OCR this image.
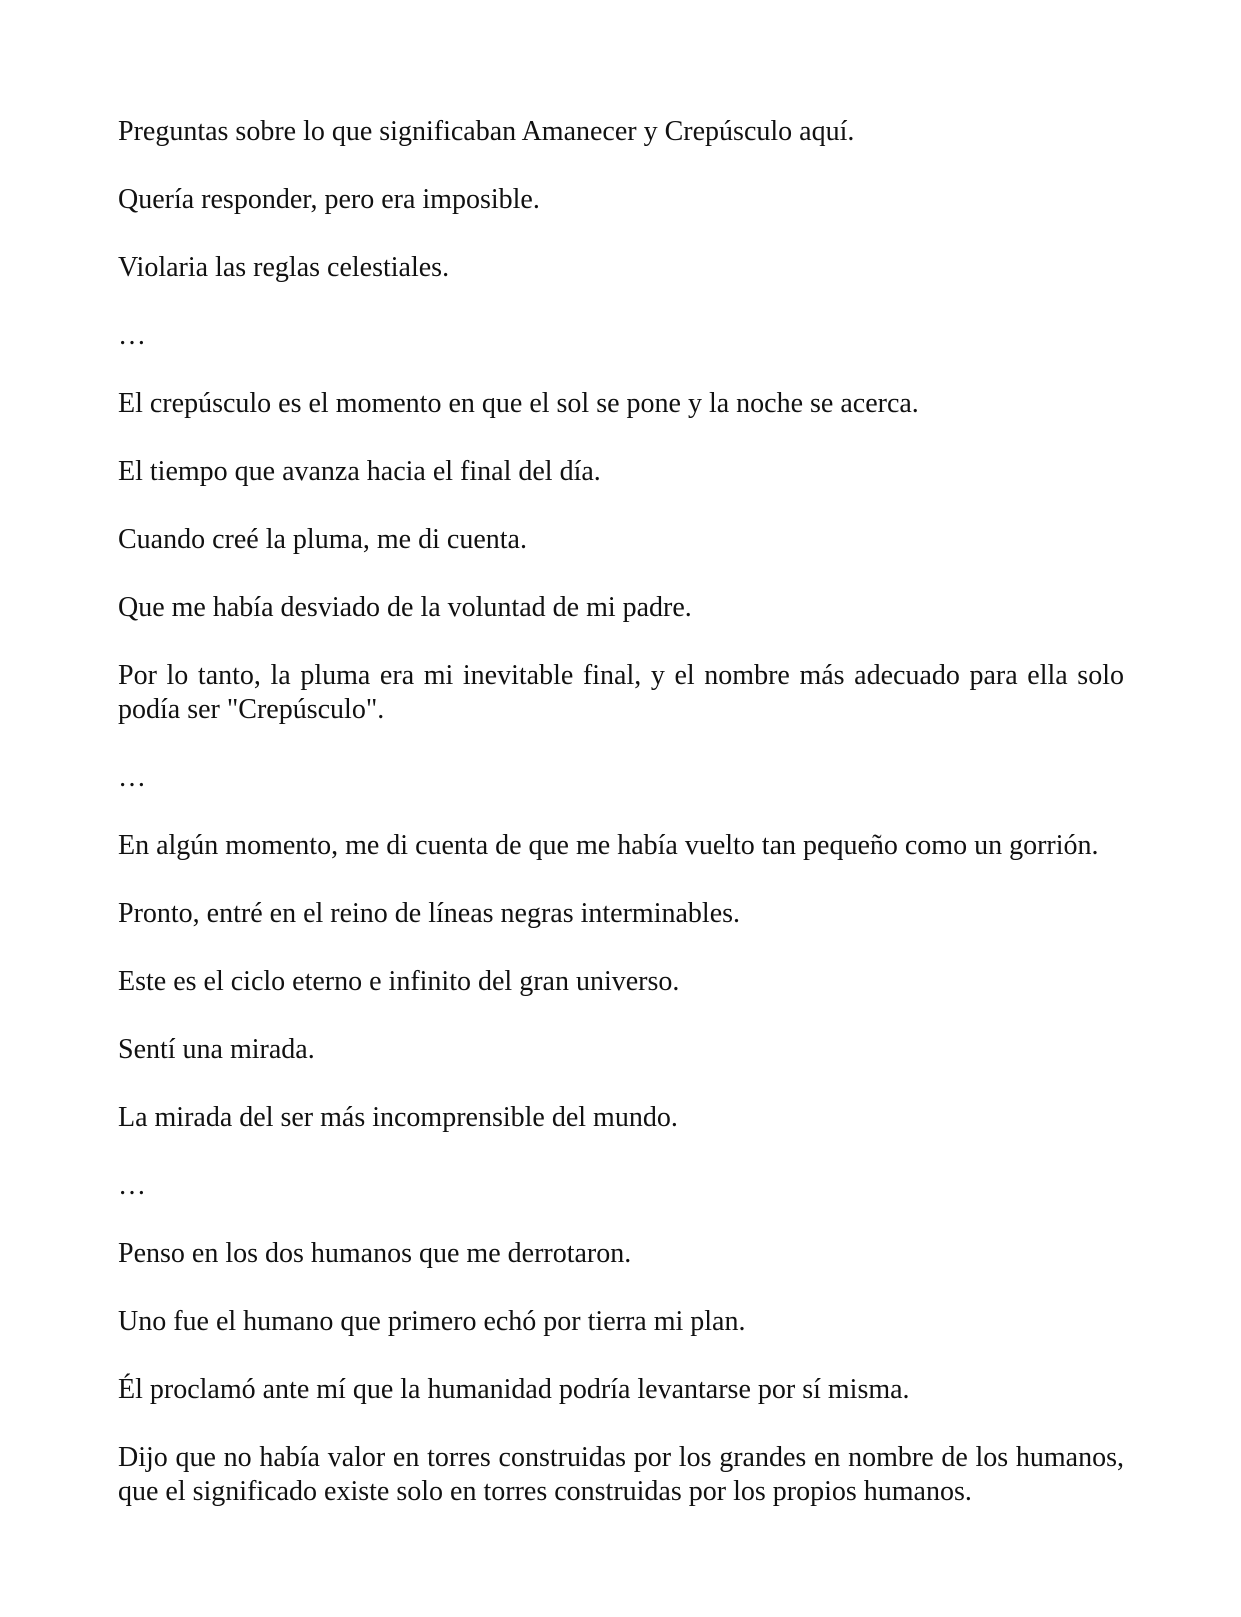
Preguntas sobre lo que significaban Amanecer y Crepúsculo aquí.

Quería responder, pero era imposible.

Violaria las reglas celestiales.

…

El crepúsculo es el momento en que el sol se pone y la noche se acerca.

El tiempo que avanza hacia el final del día.

Cuando creé la pluma, me di cuenta.

Que me había desviado de la voluntad de mi padre.

Por lo tanto, la pluma era mi inevitable final, y el nombre más adecuado para ella solo podía ser "Crepúsculo".

…

En algún momento, me di cuenta de que me había vuelto tan pequeño como un gorrión.

Pronto, entré en el reino de líneas negras interminables.

Este es el ciclo eterno e infinito del gran universo.

Sentí una mirada.

La mirada del ser más incomprensible del mundo.

…

Penso en los dos humanos que me derrotaron.

Uno fue el humano que primero echó por tierra mi plan.

Él proclamó ante mí que la humanidad podría levantarse por sí misma.

Dijo que no había valor en torres construidas por los grandes en nombre de los humanos, que el significado existe solo en torres construidas por los propios humanos.
